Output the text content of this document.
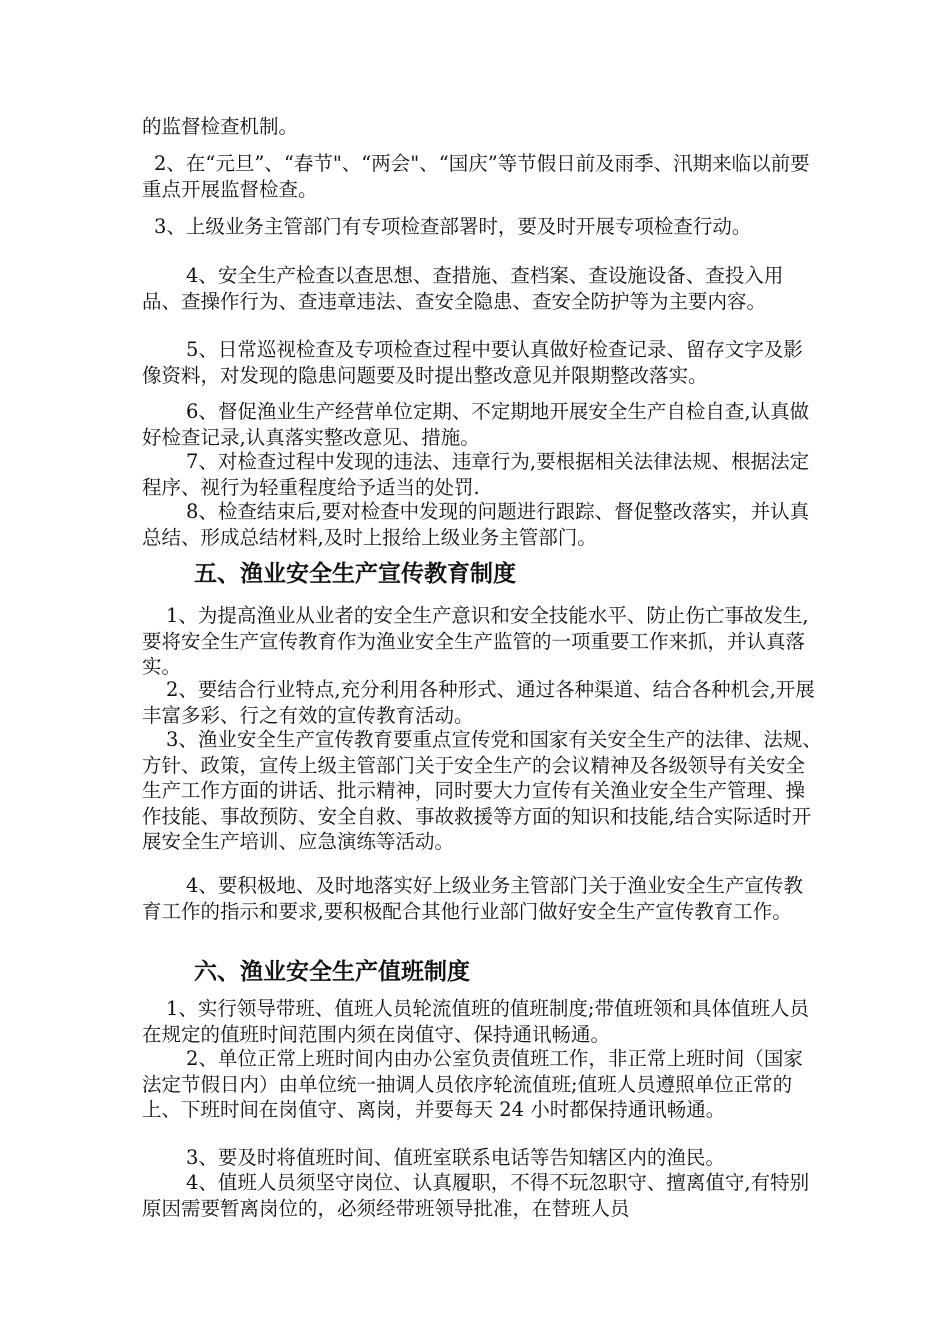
的监督检查机制。

2、在“元旦”、“春节"、“两会"、“国庆”等节假日前及雨季、汛期来临以前要重点开展监督检查。

3、上级业务主管部门有专项检查部署时，要及时开展专项检查行动。

4、安全生产检查以查思想、查措施、查档案、查设施设备、查投入用品、查操作行为、查违章违法、查安全隐患、查安全防护等为主要内容。

5、日常巡视检查及专项检查过程中要认真做好检查记录、留存文字及影像资料，对发现的隐患问题要及时提出整改意见并限期整改落实。

6、督促渔业生产经营单位定期、不定期地开展安全生产自检自查,认真做好检查记录,认真落实整改意见、措施。

7、对检查过程中发现的违法、违章行为,要根据相关法律法规、根据法定程序、视行为轻重程度给予适当的处罚.

8、检查结束后,要对检查中发现的问题进行跟踪、督促整改落实，并认真总结、形成总结材料,及时上报给上级业务主管部门。

五、渔业安全生产宣传教育制度

1、为提高渔业从业者的安全生产意识和安全技能水平、防止伤亡事故发生,要将安全生产宣传教育作为渔业安全生产监管的一项重要工作来抓，并认真落实。

2、要结合行业特点,充分利用各种形式、通过各种渠道、结合各种机会,开展丰富多彩、行之有效的宣传教育活动。

3、渔业安全生产宣传教育要重点宣传党和国家有关安全生产的法律、法规、方针、政策，宣传上级主管部门关于安全生产的会议精神及各级领导有关安全生产工作方面的讲话、批示精神，同时要大力宣传有关渔业安全生产管理、操作技能、事故预防、安全自救、事故救援等方面的知识和技能,结合实际适时开展安全生产培训、应急演练等活动。

4、要积极地、及时地落实好上级业务主管部门关于渔业安全生产宣传教育工作的指示和要求,要积极配合其他行业部门做好安全生产宣传教育工作。

六、渔业安全生产值班制度

1、实行领导带班、值班人员轮流值班的值班制度;带值班领和具体值班人员在规定的值班时间范围内须在岗值守、保持通讯畅通。

2、单位正常上班时间内由办公室负责值班工作，非正常上班时间（国家法定节假日内）由单位统一抽调人员依序轮流值班;值班人员遵照单位正常的上、下班时间在岗值守、离岗，并要每天 24 小时都保持通讯畅通。

3、要及时将值班时间、值班室联系电话等告知辖区内的渔民。

4、值班人员须坚守岗位、认真履职，不得不玩忽职守、擅离值守,有特别原因需要暂离岗位的，必须经带班领导批准，在替班人员
